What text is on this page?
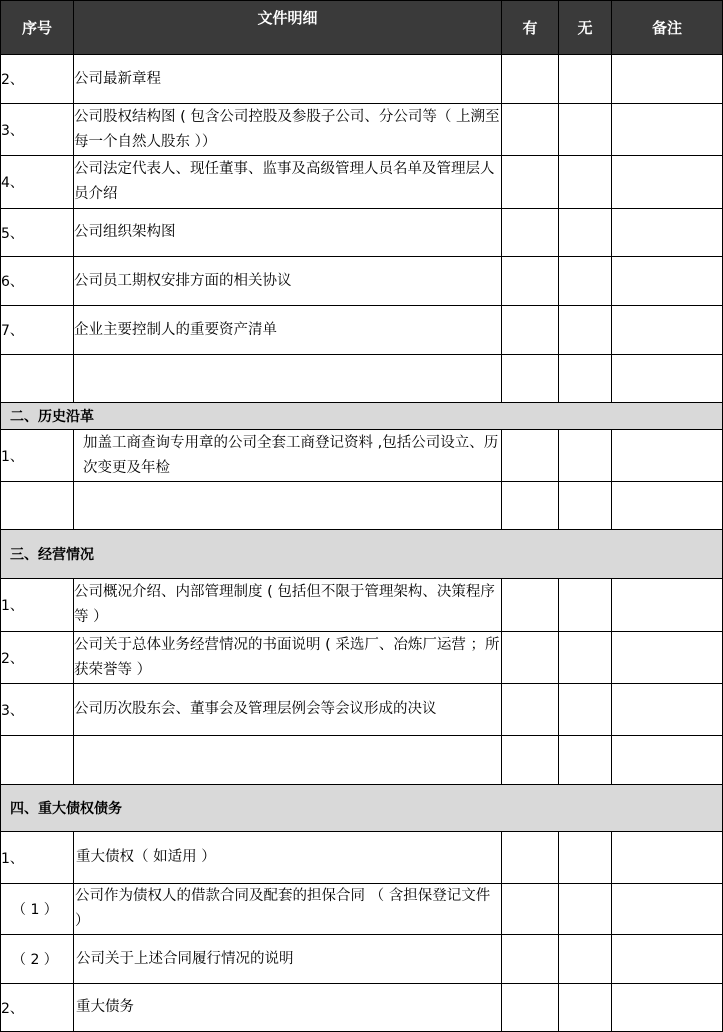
序号	文件明细	有	无	备注
2、	公司最新章程			
3、	公司股权结构图 ( 包含公司控股及参股子公司、分公司等（ 上溯至每一个自然人股东 ））			
4、	公司法定代表人、现任董事、监事及高级管理人员名单及管理层人员介绍			
5、	公司组织架构图			
6、	公司员工期权安排方面的相关协议			
7、	企业主要控制人的重要资产清单			

二、历史沿革				
1、	加盖工商查询专用章的公司全套工商登记资料 ,包括公司设立、历次变更及年检			

三、经营情况				
1、	公司概况介绍、内部管理制度 ( 包括但不限于管理架构、决策程序等 ）			
2、	公司关于总体业务经营情况的书面说明 ( 采选厂、冶炼厂运营 ；所获荣誉等 ）			
3、	公司历次股东会、董事会及管理层例会等会议形成的决议			

四、重大债权债务				
1、	重大债权（ 如适用 ）			
（ 1 ）	公司作为债权人的借款合同及配套的担保合同 （ 含担保登记文件 ）			
（ 2 ）	公司关于上述合同履行情况的说明			
2、	重大债务			
